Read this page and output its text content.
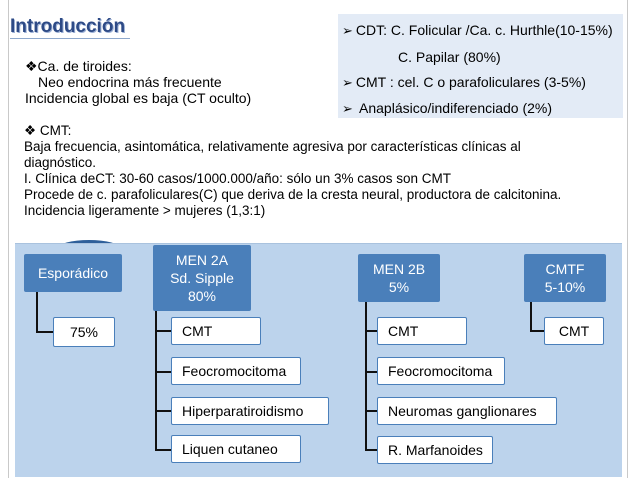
Introducción
❖Ca. de tiroides:
Neo endocrina más frecuente
Incidencia global es baja (CT oculto)
➢ CDT: C. Folicular /Ca. c. Hurthle(10-15%)
C. Papilar (80%)
➢ CMT : cel. C o parafoliculares (3-5%)
➢ Anaplásico/indiferenciado (2%)
❖ CMT:
Baja frecuencia, asintomática, relativamente agresiva por características clínicas al
diagnóstico.
I. Clínica deCT: 30-60 casos/1000.000/año: sólo un 3% casos son CMT
Procede de c. parafoliculares(C) que deriva de la cresta neural, productora de calcitonina.
Incidencia ligeramente > mujeres (1,3:1)
Esporádico
75%
MEN 2A
Sd. Sipple
80%
CMT
Feocromocitoma
Hiperparatiroidismo
Liquen cutaneo
MEN 2B
5%
CMT
Feocromocitoma
Neuromas ganglionares
R. Marfanoides
CMTF
5-10%
CMT
